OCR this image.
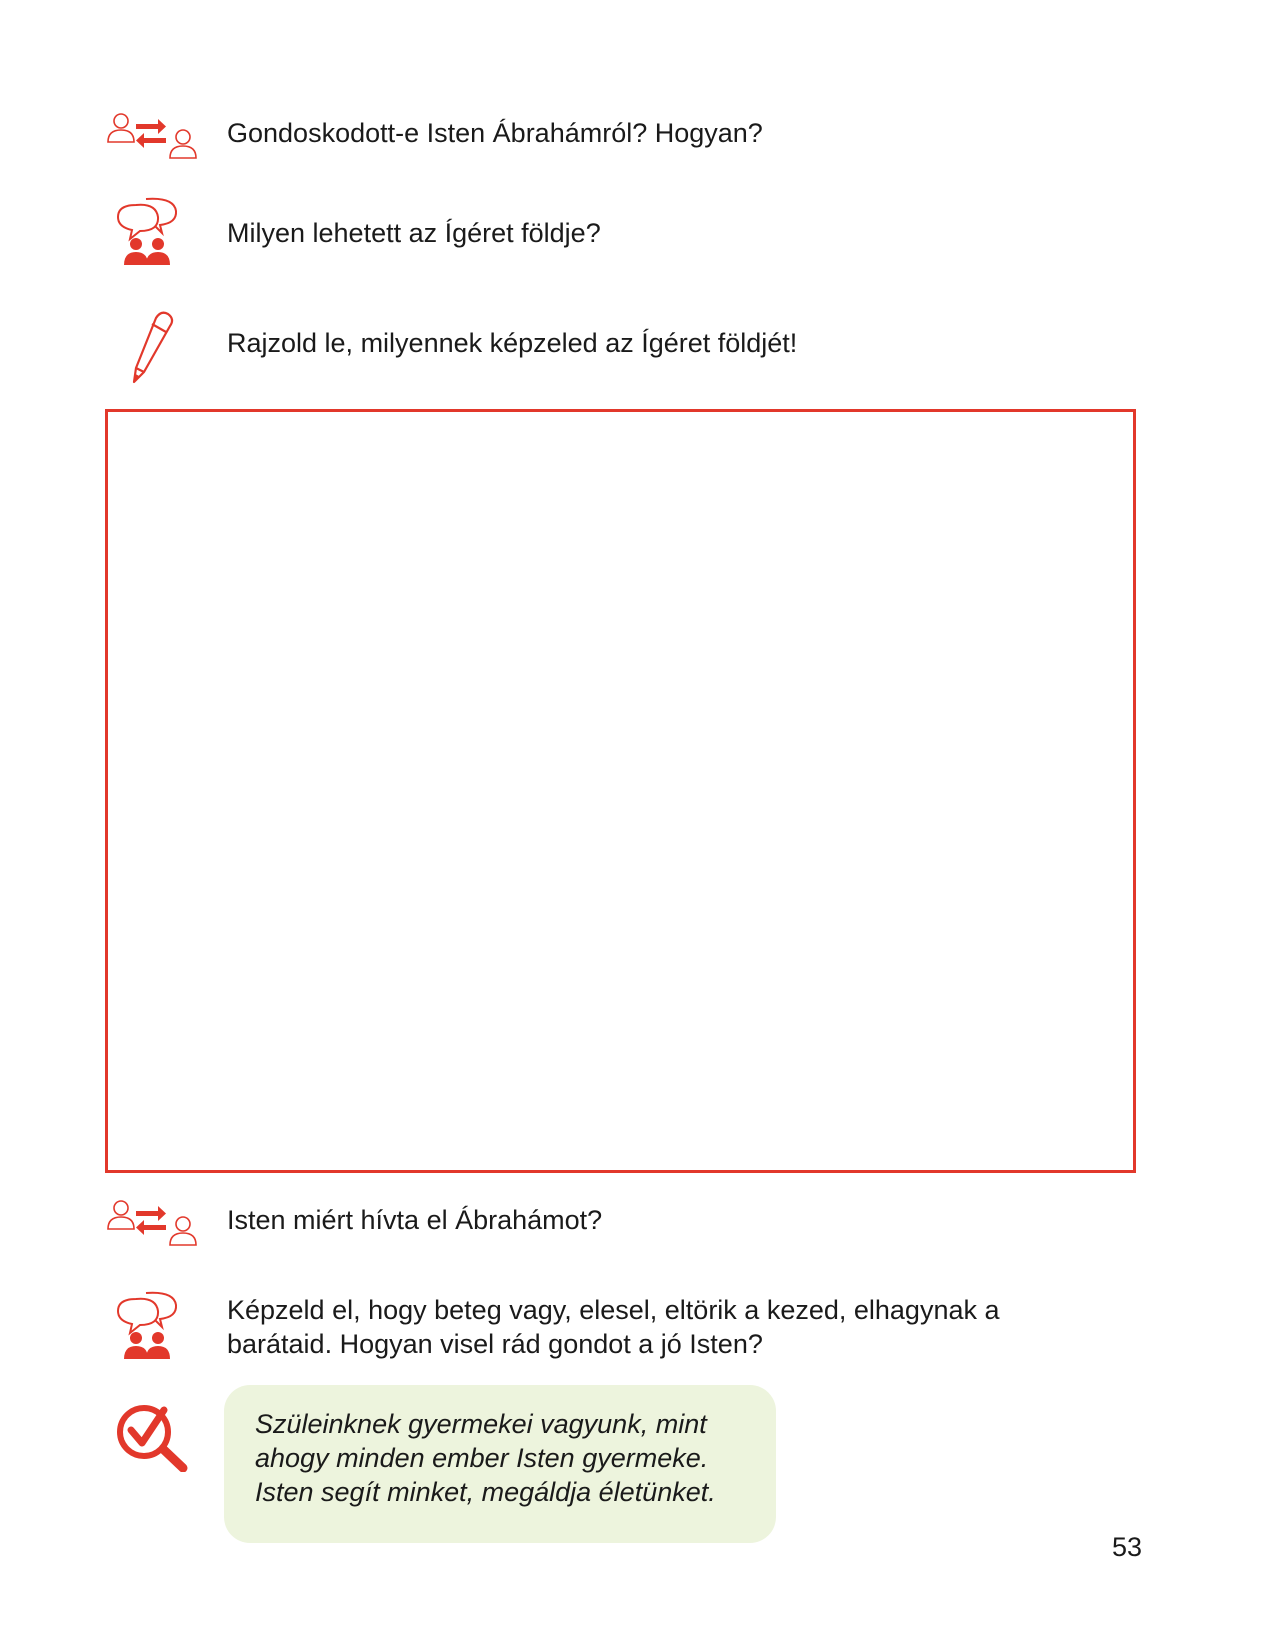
Gondoskodott-e Isten Ábrahámról? Hogyan?
Milyen lehetett az Ígéret földje?
Rajzold le, milyennek képzeled az Ígéret földjét!
Isten miért hívta el Ábrahámot?
Képzeld el, hogy beteg vagy, elesel, eltörik a kezed, elhagynak a barátaid. Hogyan visel rád gondot a jó Isten?
Szüleinknek gyermekei vagyunk, mint
ahogy minden ember Isten gyermeke.
Isten segít minket, megáldja életünket.
53
